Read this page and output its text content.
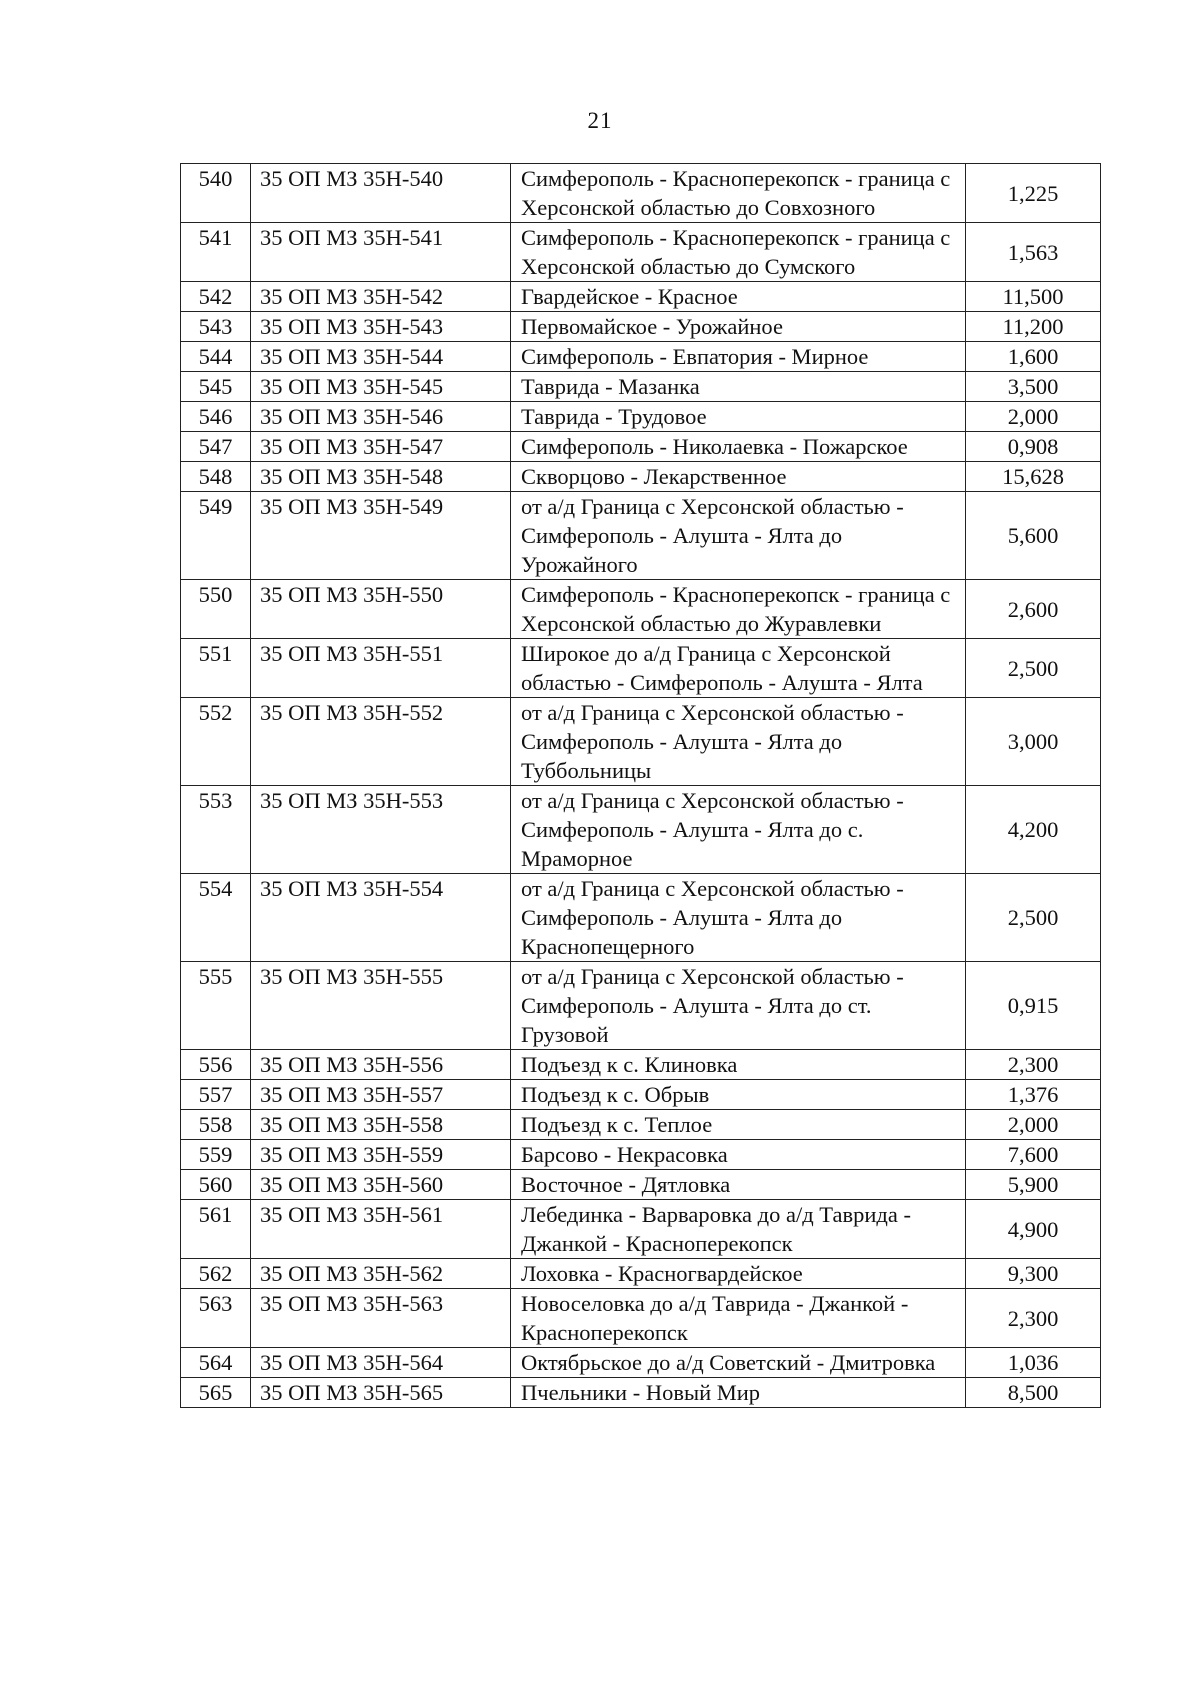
21
540	35 ОП МЗ 35Н-540	Симферополь - Красноперекопск - граница с Херсонской областью до Совхозного	1,225
541	35 ОП МЗ 35Н-541	Симферополь - Красноперекопск - граница с Херсонской областью до Сумского	1,563
542	35 ОП МЗ 35Н-542	Гвардейское - Красное	11,500
543	35 ОП МЗ 35Н-543	Первомайское - Урожайное	11,200
544	35 ОП МЗ 35Н-544	Симферополь - Евпатория - Мирное	1,600
545	35 ОП МЗ 35Н-545	Таврида - Мазанка	3,500
546	35 ОП МЗ 35Н-546	Таврида - Трудовое	2,000
547	35 ОП МЗ 35Н-547	Симферополь - Николаевка - Пожарское	0,908
548	35 ОП МЗ 35Н-548	Скворцово - Лекарственное	15,628
549	35 ОП МЗ 35Н-549	от а/д Граница с Херсонской областью - Симферополь - Алушта - Ялта до Урожайного	5,600
550	35 ОП МЗ 35Н-550	Симферополь - Красноперекопск - граница с Херсонской областью до Журавлевки	2,600
551	35 ОП МЗ 35Н-551	Широкое до а/д Граница с Херсонской областью - Симферополь - Алушта - Ялта	2,500
552	35 ОП МЗ 35Н-552	от а/д Граница с Херсонской областью - Симферополь - Алушта - Ялта до Туббольницы	3,000
553	35 ОП МЗ 35Н-553	от а/д Граница с Херсонской областью - Симферополь - Алушта - Ялта до с. Мраморное	4,200
554	35 ОП МЗ 35Н-554	от а/д Граница с Херсонской областью - Симферополь - Алушта - Ялта до Краснопещерного	2,500
555	35 ОП МЗ 35Н-555	от а/д Граница с Херсонской областью - Симферополь - Алушта - Ялта до ст. Грузовой	0,915
556	35 ОП МЗ 35Н-556	Подъезд к с. Клиновка	2,300
557	35 ОП МЗ 35Н-557	Подъезд к с. Обрыв	1,376
558	35 ОП МЗ 35Н-558	Подъезд к с. Теплое	2,000
559	35 ОП МЗ 35Н-559	Барсово - Некрасовка	7,600
560	35 ОП МЗ 35Н-560	Восточное - Дятловка	5,900
561	35 ОП МЗ 35Н-561	Лебединка - Варваровка до а/д Таврида - Джанкой - Красноперекопск	4,900
562	35 ОП МЗ 35Н-562	Лоховка - Красногвардейское	9,300
563	35 ОП МЗ 35Н-563	Новоселовка до а/д Таврида - Джанкой - Красноперекопск	2,300
564	35 ОП МЗ 35Н-564	Октябрьское до а/д Советский - Дмитровка	1,036
565	35 ОП МЗ 35Н-565	Пчельники - Новый Мир	8,500
